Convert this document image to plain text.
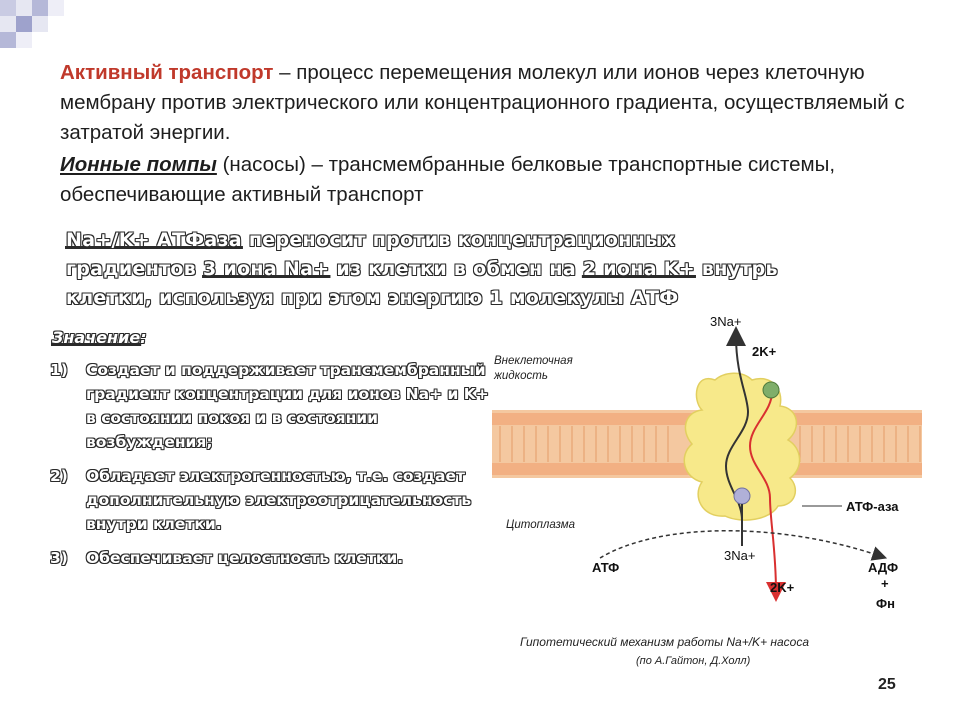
Активный транспорт – процесс перемещения молекул или ионов через клеточную мембрану против электрического или концентрационного градиента, осуществляемый с затратой энергии.

Ионные помпы (насосы) – трансмембранные белковые транспортные системы, обеспечивающие активный транспорт

Na+/K+ АТФаза переносит против концентрационных градиентов 3 иона Na+ из клетки в обмен на 2 иона K+ внутрь клетки, используя при этом энергию 1 молекулы АТФ

Значение:
1)	Создает и поддерживает трансмембранный градиент концентрации для ионов Na+ и K+ в состоянии покоя и в состоянии возбуждения;
2)	Обладает электрогенностью, т.е. создает дополнительную электроотрицательность внутри клетки.
3)	Обеспечивает целостность клетки.
Внеклеточная жидкость
Цитоплазма
3Na+
2K+
3Na+
2K+
АТФ-аза
АТФ	АДФ
+
Фн
Гипотетический механизм работы Na+/K+ насоса
(по А.Гайтон, Д.Холл)
25
